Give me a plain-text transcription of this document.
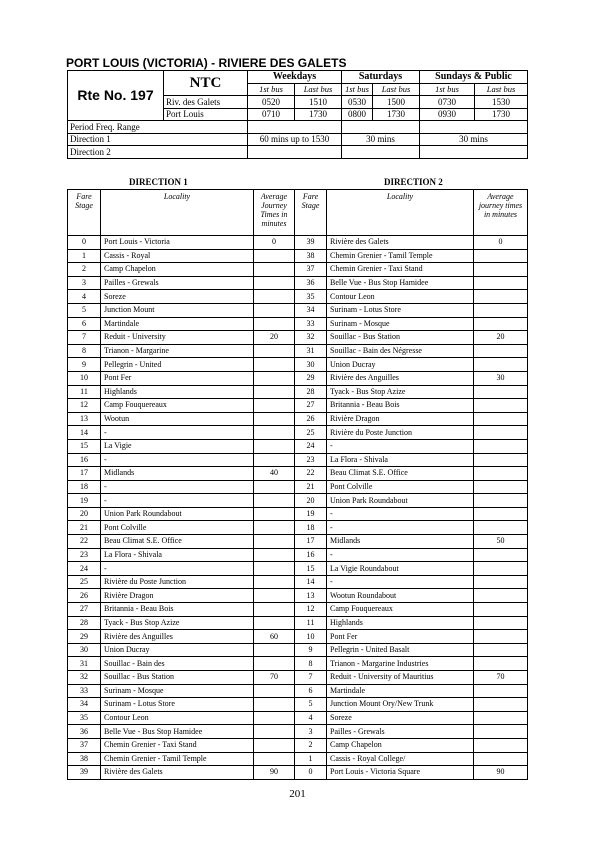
PORT LOUIS (VICTORIA) - RIVIERE DES GALETS
Rte No. 197	NTC	Weekdays		Saturdays		Sundays & Public	
		1st bus	Last bus	1st bus	Last bus	1st bus	Last bus
	Riv. des Galets	0520	1510	0530	1500	0730	1530
	Port Louis	0710	1730	0800	1730	0930	1730
Period Freq. Range							
Direction 1		60 mins up to 1530		30 mins		30 mins	
Direction 2							
DIRECTION 1	DIRECTION 2
Fare Stage	Locality	Average Journey Times in minutes	Fare Stage	Locality	Average journey times in minutes
0	Port Louis - Victoria	0	39	Rivière des Galets	0
1	Cassis - Royal		38	Chemin Grenier - Tamil Temple	
2	Camp Chapelon		37	Chemin Grenier - Taxi Stand	
3	Pailles - Grewals		36	Belle Vue - Bus Stop Hamidee	
4	Soreze		35	Contour Leon	
5	Junction Mount		34	Surinam - Lotus Store	
6	Martindale		33	Surinam - Mosque	
7	Reduit - University	20	32	Souillac - Bus Station	20
8	Trianon - Margarine		31	Souillac - Bain des Négresse	
9	Pellegrin - United		30	Union Ducray	
10	Pont Fer		29	Rivière des Anguilles	30
11	Highlands		28	Tyack - Bus Stop Azize	
12	Camp Fouquereaux		27	Britannia - Beau Bois	
13	Wootun		26	Rivière Dragon	
14	-		25	Rivière du Poste Junction	
15	La Vigie		24	-	
16	-		23	La Flora - Shivala	
17	Midlands	40	22	Beau Climat S.E. Office	
18	-		21	Pont Colville	
19	-		20	Union Park Roundabout	
20	Union Park Roundabout		19	-	
21	Pont Colville		18	-	
22	Beau Climat S.E. Office		17	Midlands	50
23	La Flora - Shivala		16	-	
24	-		15	La Vigie Roundabout	
25	Rivière du Poste Junction		14	-	
26	Rivière Dragon		13	Wootun Roundabout	
27	Britannia - Beau Bois		12	Camp Fouquereaux	
28	Tyack - Bus Stop Azize		11	Highlands	
29	Rivière des Anguilles	60	10	Pont Fer	
30	Union Ducray		9	Pellegrin - United Basalt	
31	Souillac - Bain des		8	Trianon - Margarine Industries	
32	Souillac - Bus Station	70	7	Reduit - University of Mauritius	70
33	Surinam - Mosque		6	Martindale	
34	Surinam - Lotus Store		5	Junction Mount Ory/New Trunk	
35	Contour Leon		4	Soreze	
36	Belle Vue - Bus Stop Hamidee		3	Pailles - Grewals	
37	Chemin Grenier - Taxi Stand		2	Camp Chapelon	
38	Chemin Grenier - Tamil Temple		1	Cassis - Royal College/	
39	Rivière des Galets	90	0	Port Louis - Victoria Square	90
201
